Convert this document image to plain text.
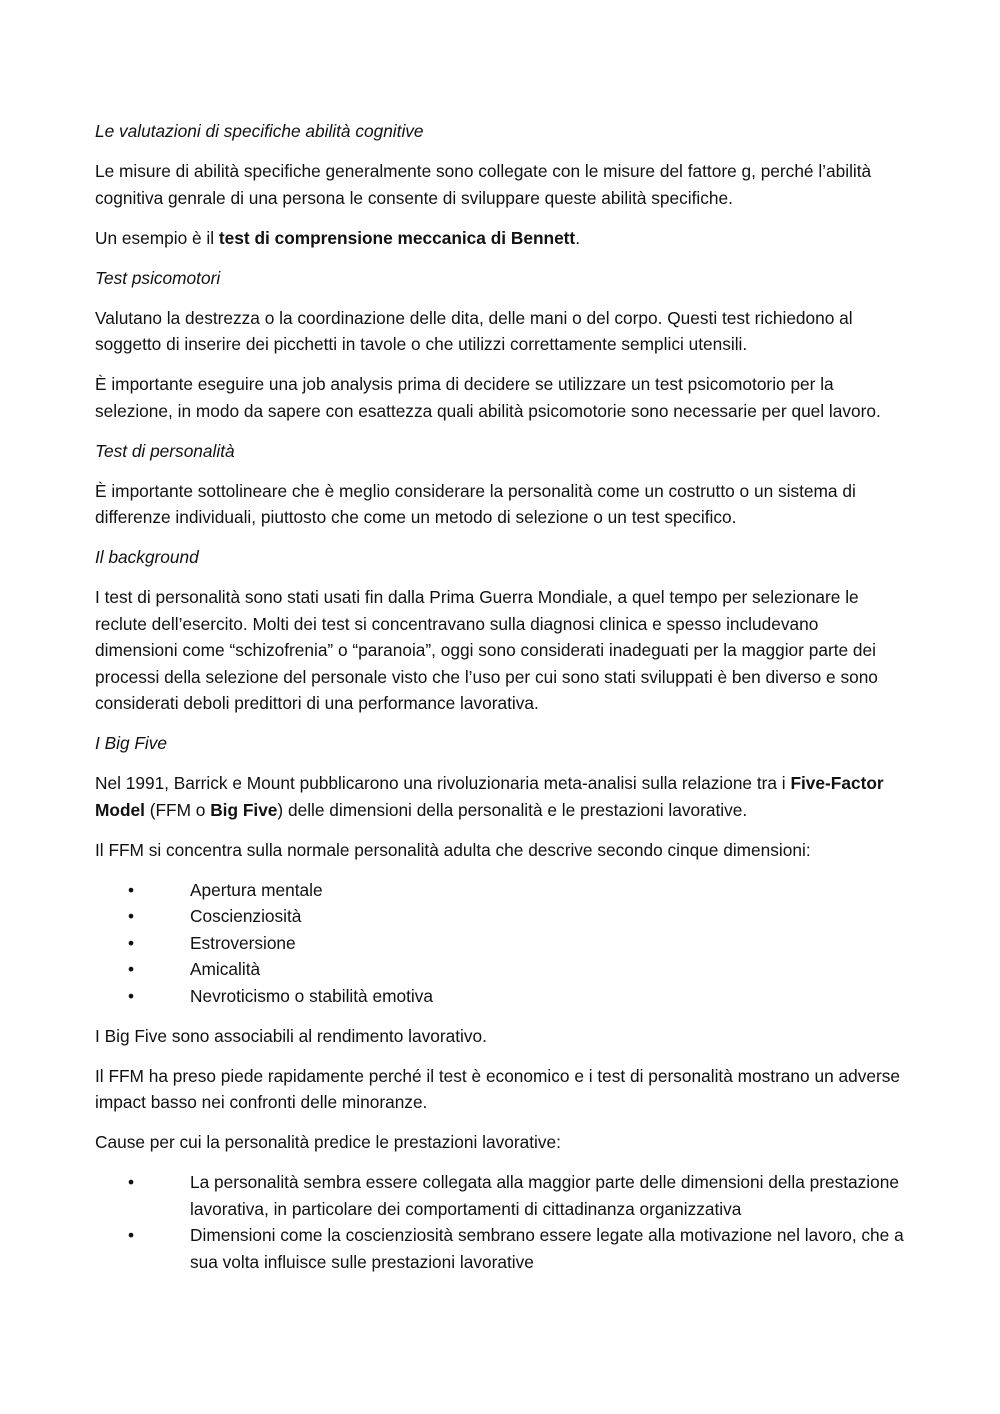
Le valutazioni di specifiche abilità cognitive
Le misure di abilità specifiche generalmente sono collegate con le misure del fattore g, perché l’abilità cognitiva genrale di una persona le consente di sviluppare queste abilità specifiche.
Un esempio è il test di comprensione meccanica di Bennett.
Test psicomotori
Valutano la destrezza o la coordinazione delle dita, delle mani o del corpo. Questi test richiedono al soggetto di inserire dei picchetti in tavole o che utilizzi correttamente semplici utensili.
È importante eseguire una job analysis prima di decidere se utilizzare un test psicomotorio per la selezione, in modo da sapere con esattezza quali abilità psicomotorie sono necessarie per quel lavoro.
Test di personalità
È importante sottolineare che è meglio considerare la personalità come un costrutto o un sistema di differenze individuali, piuttosto che come un metodo di selezione o un test specifico.
Il background
I test di personalità sono stati usati fin dalla Prima Guerra Mondiale, a quel tempo per selezionare le reclute dell’esercito. Molti dei test si concentravano sulla diagnosi clinica e spesso includevano dimensioni come “schizofrenia” o “paranoia”, oggi sono considerati inadeguati per la maggior parte dei processi della selezione del personale visto che l’uso per cui sono stati sviluppati è ben diverso e sono considerati deboli predittori di una performance lavorativa.
I Big Five
Nel 1991, Barrick e Mount pubblicarono una rivoluzionaria meta-analisi sulla relazione tra i Five-Factor Model (FFM o Big Five) delle dimensioni della personalità e le prestazioni lavorative.
Il FFM si concentra sulla normale personalità adulta che descrive secondo cinque dimensioni:
•	Apertura mentale
•	Coscienziosità
•	Estroversione
•	Amicalità
•	Nevroticismo o stabilità emotiva
I Big Five sono associabili al rendimento lavorativo.
Il FFM ha preso piede rapidamente perché il test è economico e i test di personalità mostrano un adverse impact basso nei confronti delle minoranze.
Cause per cui la personalità predice le prestazioni lavorative:
•	La personalità sembra essere collegata alla maggior parte delle dimensioni della prestazione lavorativa, in particolare dei comportamenti di cittadinanza organizzativa
•	Dimensioni come la coscienziosità sembrano essere legate alla motivazione nel lavoro, che a sua volta influisce sulle prestazioni lavorative
